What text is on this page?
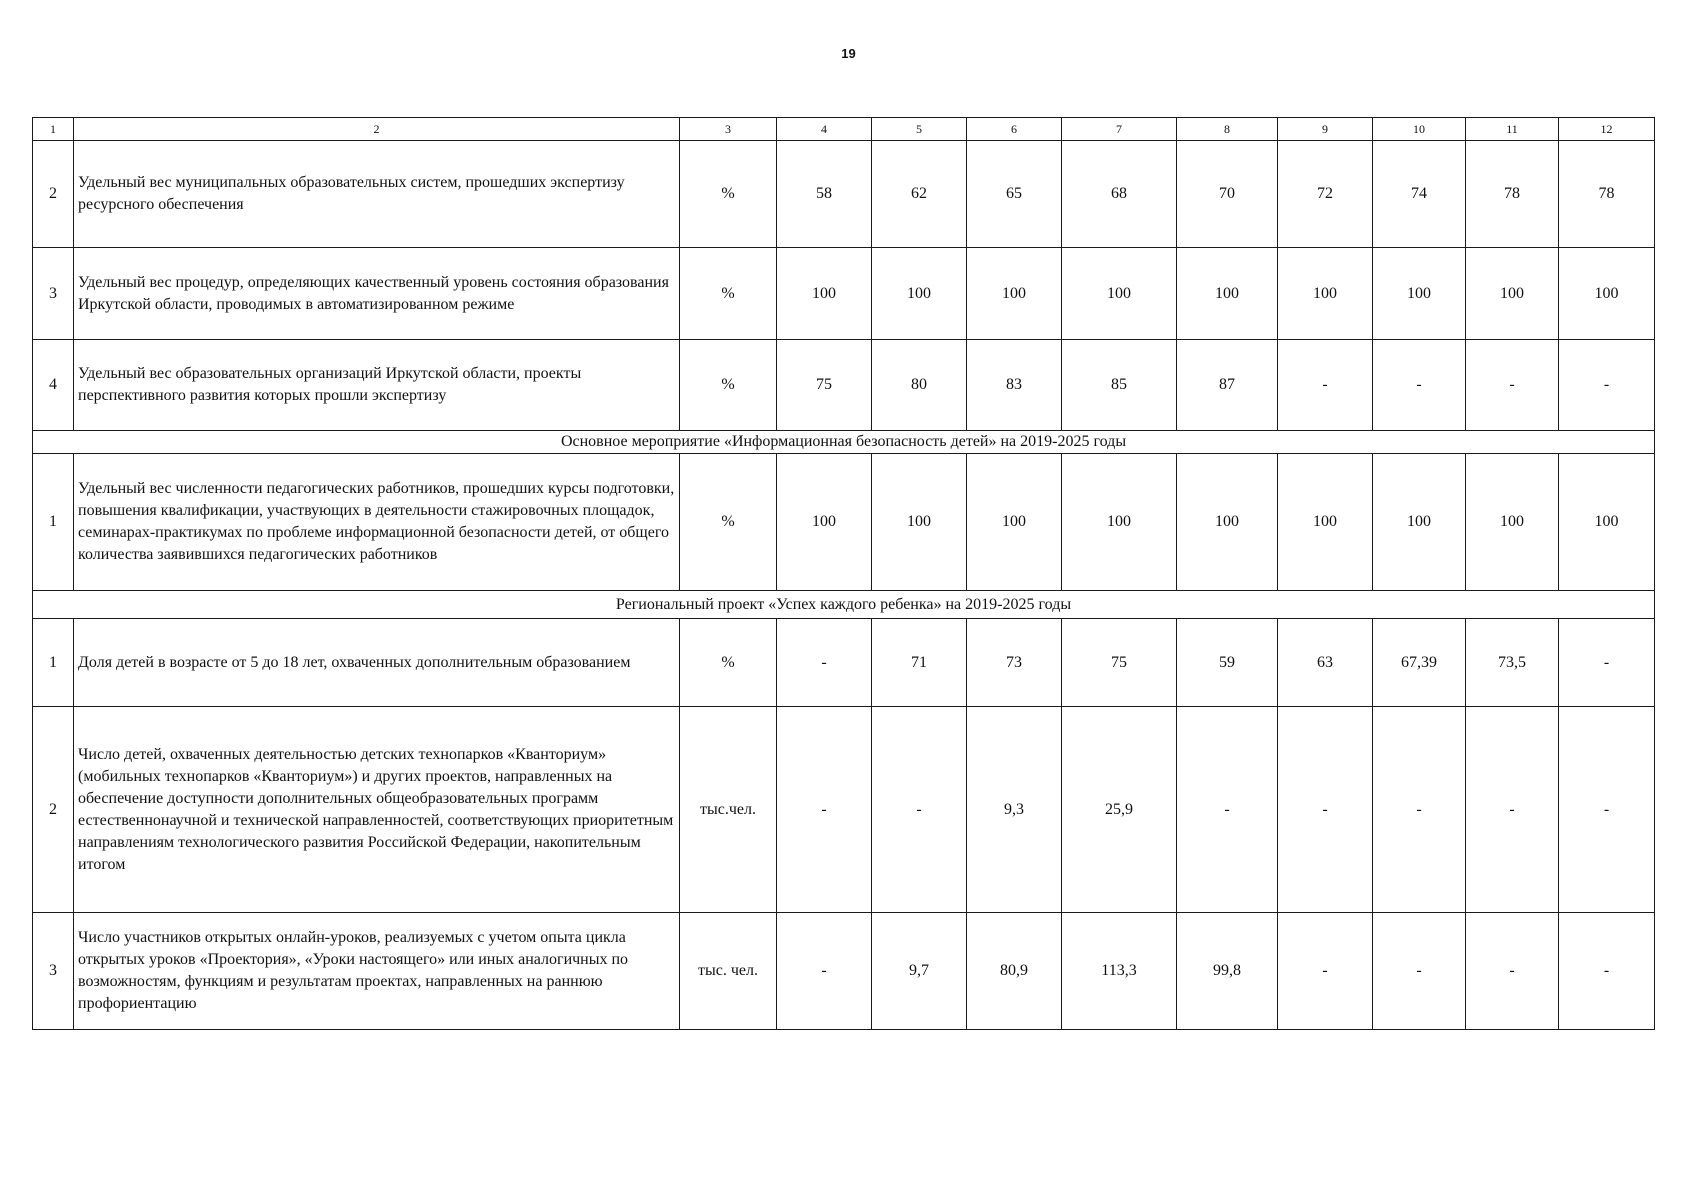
19
1	2	3	4	5	6	7	8	9	10	11	12
2	Удельный вес муниципальных образовательных систем, прошедших экспертизу ресурсного обеспечения	%	58	62	65	68	70	72	74	78	78
3	Удельный вес процедур, определяющих качественный уровень состояния образования Иркутской области, проводимых в автоматизированном режиме	%	100	100	100	100	100	100	100	100	100
4	Удельный вес образовательных организаций Иркутской области, проекты перспективного развития которых прошли экспертизу	%	75	80	83	85	87	-	-	-	-
Основное мероприятие «Информационная безопасность детей» на 2019-2025 годы											
1	Удельный вес численности педагогических работников, прошедших курсы подготовки, повышения квалификации, участвующих в деятельности стажировочных площадок, семинарах-практикумах по проблеме информационной безопасности детей, от общего количества заявившихся педагогических работников	%	100	100	100	100	100	100	100	100	100
Региональный проект «Успех каждого ребенка» на 2019-2025 годы											
1	Доля детей в возрасте от 5 до 18 лет, охваченных дополнительным образованием	%	-	71	73	75	59	63	67,39	73,5	-
2	Число детей, охваченных деятельностью детских технопарков «Кванториум» (мобильных технопарков «Кванториум») и других проектов, направленных на обеспечение доступности дополнительных общеобразовательных программ естественнонаучной и технической направленностей, соответствующих приоритетным направлениям технологического развития Российской Федерации, накопительным итогом	тыс.чел.	-	-	9,3	25,9	-	-	-	-	-
3	Число участников открытых онлайн-уроков, реализуемых с учетом опыта цикла открытых уроков «Проектория», «Уроки настоящего» или иных аналогичных по возможностям, функциям и результатам проектах, направленных на раннюю профориентацию	тыс. чел.	-	9,7	80,9	113,3	99,8	-	-	-	-
